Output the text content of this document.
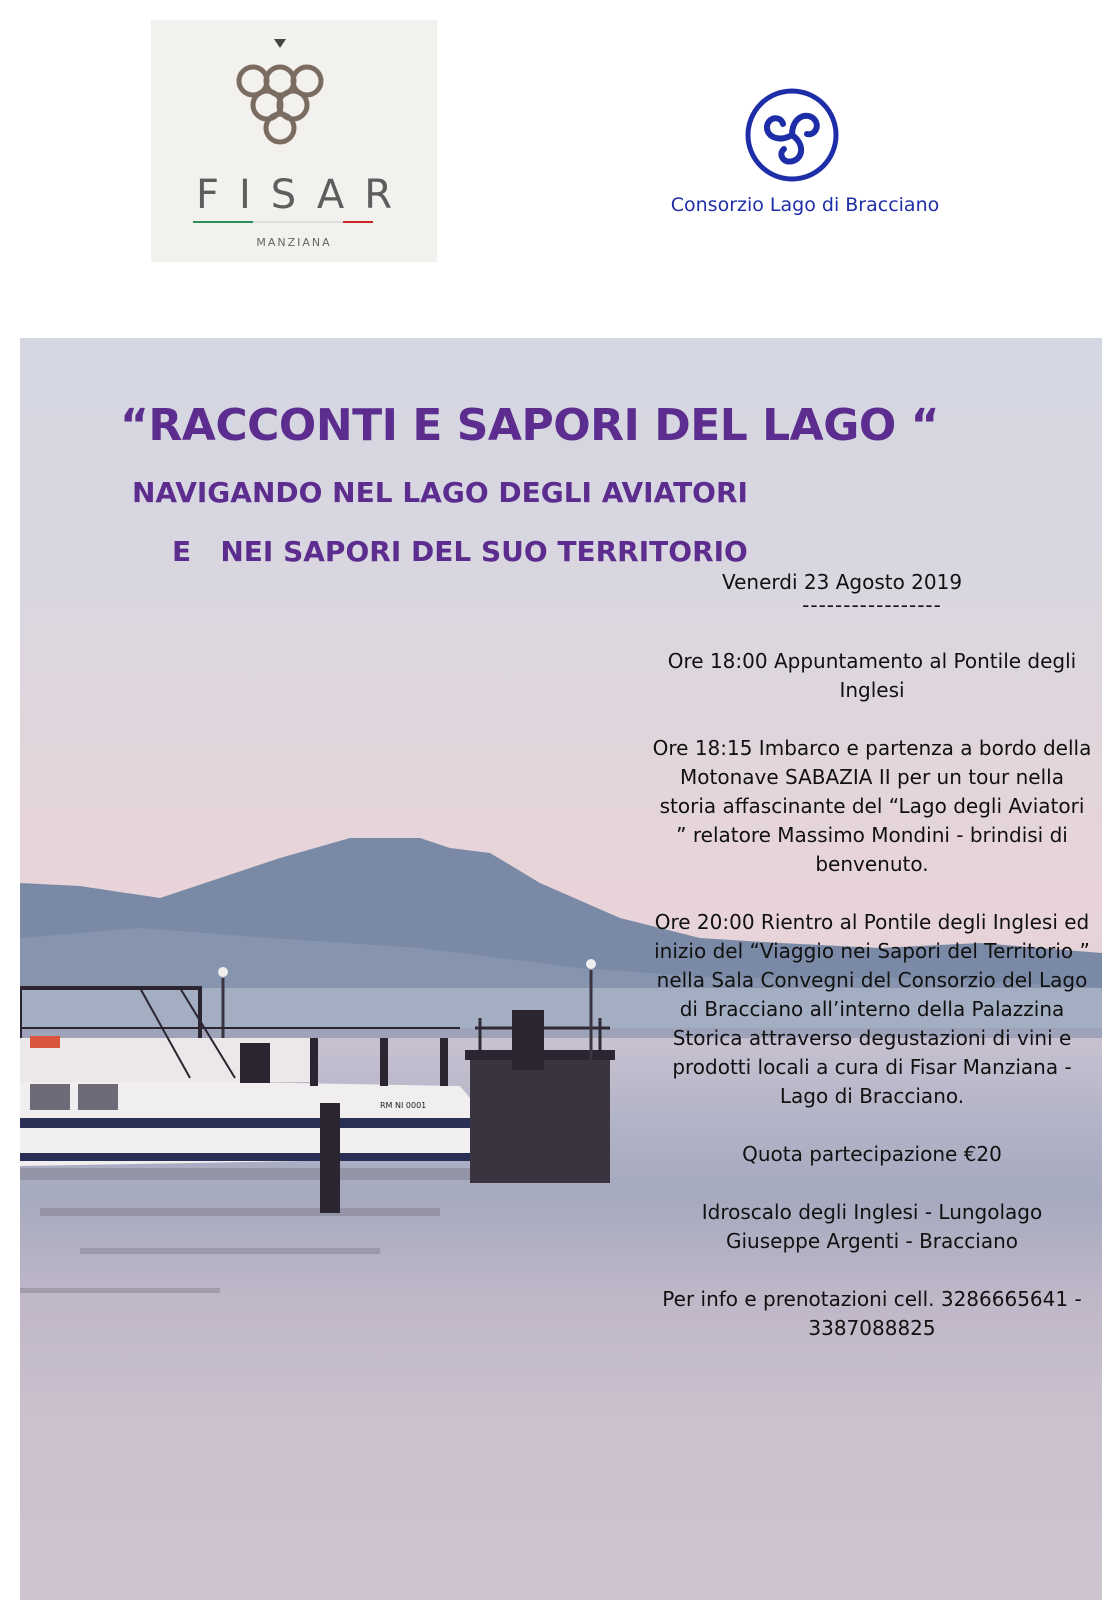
FISAR
MANZIANA
Consorzio Lago di Bracciano
RM NI 0001
“RACCONTI E SAPORI DEL LAGO “
NAVIGANDO NEL LAGO DEGLI AVIATORI
E   NEI SAPORI DEL SUO TERRITORIO
Venerdi 23 Agosto 2019
-----------------
Ore 18:00 Appuntamento al Pontile degli Inglesi
Ore 18:15 Imbarco e partenza a bordo della Motonave SABAZIA II per un tour nella storia affascinante del “Lago degli Aviatori ” relatore Massimo Mondini - brindisi di benvenuto.
Ore 20:00 Rientro al Pontile degli Inglesi ed inizio del “Viaggio nei Sapori del Territorio ” nella Sala Convegni del Consorzio del Lago di Bracciano all’interno della Palazzina Storica attraverso degustazioni di vini e prodotti locali a cura di Fisar Manziana - Lago di Bracciano.
Quota partecipazione €20
Idroscalo degli Inglesi - Lungolago Giuseppe Argenti - Bracciano
Per info e prenotazioni cell. 3286665641 - 3387088825
